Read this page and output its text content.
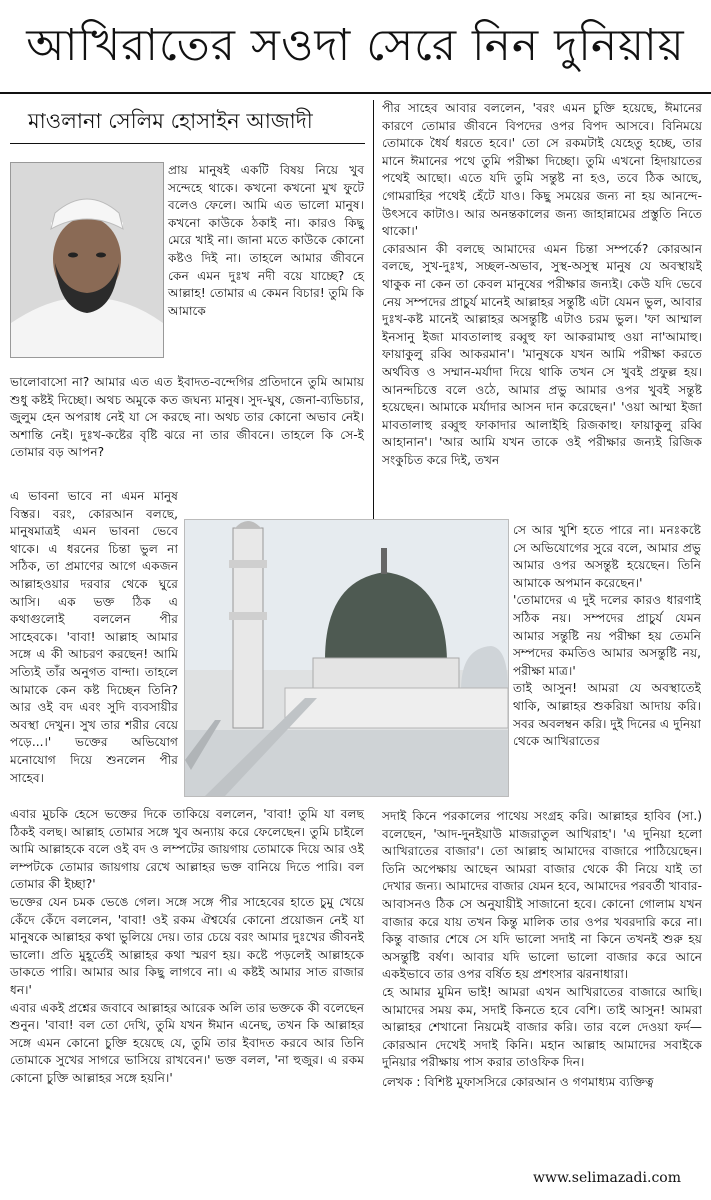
আখিরাতের সওদা সেরে নিন দুনিয়ায়
মাওলানা সেলিম হোসাইন আজাদী

প্রায় মানুষই একটি বিষয় নিয়ে খুব সন্দেহে থাকে। কখনো কখনো মুখ ফুটে বলেও ফেলে। আমি এত ভালো মানুষ। কখনো কাউকে ঠকাই না। কারও কিছু মেরে খাই না। জানা মতে কাউকে কোনো কষ্টও দিই না। তাহলে আমার জীবনে কেন এমন দুঃখ নদী বয়ে যাচ্ছে? হে আল্লাহ! তোমার এ কেমন বিচার! তুমি কি আমাকে

ভালোবাসো না? আমার এত এত ইবাদত-বন্দেগির প্রতিদানে তুমি আমায় শুধু কষ্টই দিচ্ছো। অথচ অমুকে কত জঘন্য মানুষ। সুদ-ঘুষ, জেনা-ব্যভিচার, জুলুম হেন অপরাধ নেই যা সে করছে না। অথচ তার কোনো অভাব নেই। অশান্তি নেই। দুঃখ-কষ্টের বৃষ্টি ঝরে না তার জীবনে। তাহলে কি সে-ই তোমার বড় আপন?

এ ভাবনা ভাবে না এমন মানুষ বিস্তর। বরং, কোরআন বলছে, মানুষমাত্রই এমন ভাবনা ভেবে থাকে। এ ধরনের চিন্তা ভুল না সঠিক, তা প্রমাণের আগে একজন আল্লাহওয়ার দরবার থেকে ঘুরে আসি। এক ভক্ত ঠিক এ কথাগুলোই বললেন পীর সাহেবকে। 'বাবা! আল্লাহ আমার সঙ্গে এ কী আচরণ করছেন! আমি সত্যিই তাঁর অনুগত বান্দা। তাহলে আমাকে কেন কষ্ট দিচ্ছেন তিনি? আর ওই বদ এবং সুদি ব্যবসায়ীর অবস্থা দেখুন। সুখ তার শরীর বেয়ে পড়ে...।' ভক্তের অভিযোগ মনোযোগ দিয়ে শুনলেন পীর সাহেব।

এবার মুচকি হেসে ভক্তের দিকে তাকিয়ে বললেন, 'বাবা! তুমি যা বলছ ঠিকই বলছ। আল্লাহ তোমার সঙ্গে খুব অন্যায় করে ফেলেছেন। তুমি চাইলে আমি আল্লাহকে বলে ওই বদ ও লম্পটের জায়গায় তোমাকে দিয়ে আর ওই লম্পটকে তোমার জায়গায় রেখে আল্লাহর ভক্ত বানিয়ে দিতে পারি। বল তোমার কী ইচ্ছা?'

ভক্তের যেন চমক ভেঙে গেল। সঙ্গে সঙ্গে পীর সাহেবের হাতে চুমু খেয়ে কেঁদে কেঁদে বললেন, 'বাবা! ওই রকম ঐশ্বর্যের কোনো প্রয়োজন নেই যা মানুষকে আল্লাহর কথা ভুলিয়ে দেয়। তার চেয়ে বরং আমার দুঃখের জীবনই ভালো। প্রতি মুহূর্তেই আল্লাহর কথা স্মরণ হয়। কষ্টে পড়লেই আল্লাহকে ডাকতে পারি। আমার আর কিছু লাগবে না। এ কষ্টই আমার সাত রাজার ধন।'

এবার একই প্রশ্নের জবাবে আল্লাহর আরেক অলি তার ভক্তকে কী বলেছেন শুনুন। 'বাবা! বল তো দেখি, তুমি যখন ঈমান এনেছ, তখন কি আল্লাহর সঙ্গে এমন কোনো চুক্তি হয়েছে যে, তুমি তার ইবাদত করবে আর তিনি তোমাকে সুখের সাগরে ভাসিয়ে রাখবেন।' ভক্ত বলল, 'না হুজুর। এ রকম কোনো চুক্তি আল্লাহর সঙ্গে হয়নি।'

পীর সাহেব আবার বললেন, 'বরং এমন চুক্তি হয়েছে, ঈমানের কারণে তোমার জীবনে বিপদের ওপর বিপদ আসবে। বিনিময়ে তোমাকে ধৈর্য ধরতে হবে।' তো সে রকমটাই যেহেতু হচ্ছে, তার মানে ঈমানের পথে তুমি পরীক্ষা দিচ্ছো। তুমি এখনো হিদায়াতের পথেই আছো। এতে যদি তুমি সন্তুষ্ট না হও, তবে ঠিক আছে, গোমরাহির পথেই হেঁটে যাও। কিছু সময়ের জন্য না হয় আনন্দে-উৎসবে কাটাও। আর অনন্তকালের জন্য জাহান্নামের প্রস্তুতি নিতে থাকো।'

কোরআন কী বলছে আমাদের এমন চিন্তা সম্পর্কে? কোরআন বলছে, সুখ-দুঃখ, সচ্ছল-অভাব, সুস্থ-অসুস্থ মানুষ যে অবস্থায়ই থাকুক না কেন তা কেবল মানুষের পরীক্ষার জন্যই। কেউ যদি ভেবে নেয় সম্পদের প্রাচুর্য মানেই আল্লাহর সন্তুষ্টি এটা যেমন ভুল, আবার দুঃখ-কষ্ট মানেই আল্লাহর অসন্তুষ্টি এটাও চরম ভুল। 'ফা আম্মাল ইনসানু ইজা মাবতালাহু রব্বুহু ফা আকরামাহু ওয়া না'আমাহু। ফায়াকুলু রব্বি আকরমান'। 'মানুষকে যখন আমি পরীক্ষা করতে অর্থবিত্ত ও সম্মান-মর্যাদা দিয়ে থাকি তখন সে খুবই প্রফুল্ল হয়। আনন্দচিত্তে বলে ওঠে, আমার প্রভু আমার ওপর খুবই সন্তুষ্ট হয়েছেন। আমাকে মর্যাদার আসন দান করেছেন।' 'ওয়া আম্মা ইজা মাবতালাহু রব্বুহু ফাকাদার আলাইহি রিজকাহু। ফায়াকুলু রব্বি আহানান'। 'আর আমি যখন তাকে ওই পরীক্ষার জন্যই রিজিক সংকুচিত করে দিই, তখন

সে আর খুশি হতে পারে না। মনঃকষ্টে সে অভিযোগের সুরে বলে, আমার প্রভু আমার ওপর অসন্তুষ্ট হয়েছেন। তিনি আমাকে অপমান করেছেন।'

'তোমাদের এ দুই দলের কারও ধারণাই সঠিক নয়। সম্পদের প্রাচুর্য যেমন আমার সন্তুষ্টি নয় পরীক্ষা হয় তেমনি সম্পদের কমতিও আমার অসন্তুষ্টি নয়, পরীক্ষা মাত্র।'

তাই আসুন! আমরা যে অবস্থাতেই থাকি, আল্লাহর শুকরিয়া আদায় করি। সবর অবলম্বন করি। দুই দিনের এ দুনিয়া থেকে আখিরাতের

সদাই কিনে পরকালের পাথেয় সংগ্রহ করি। আল্লাহর হাবিব (সা.) বলেছেন, 'আদ-দুনইয়াউ মাজরাতুল আখিরাহ'। 'এ দুনিয়া হলো আখিরাতের বাজার'। তো আল্লাহ আমাদের বাজারে পাঠিয়েছেন। তিনি অপেক্ষায় আছেন আমরা বাজার থেকে কী নিয়ে যাই তা দেখার জন্য। আমাদের বাজার যেমন হবে, আমাদের পরবর্তী খাবার-আবাসনও ঠিক সে অনুযায়ীই সাজানো হবে। কোনো গোলাম যখন বাজার করে যায় তখন কিন্তু মালিক তার ওপর খবরদারি করে না। কিন্তু বাজার শেষে সে যদি ভালো সদাই না কিনে তখনই শুরু হয় অসন্তুষ্টি বর্ষণ। আবার যদি ভালো ভালো বাজার করে আনে একইভাবে তার ওপর বর্ষিত হয় প্রশংসার ঝরনাধারা।

হে আমার মুমিন ভাই! আমরা এখন আখিরাতের বাজারে আছি। আমাদের সময় কম, সদাই কিনতে হবে বেশি। তাই আসুন! আমরা আল্লাহর শেখানো নিয়মেই বাজার করি। তার বলে দেওয়া ফর্দ— কোরআন দেখেই সদাই কিনি। মহান আল্লাহ আমাদের সবাইকে দুনিয়ার পরীক্ষায় পাস করার তাওফিক দিন।

লেখক : বিশিষ্ট মুফাসসিরে কোরআন ও গণমাধ্যম ব্যক্তিত্ব

www.selimazadi.com
